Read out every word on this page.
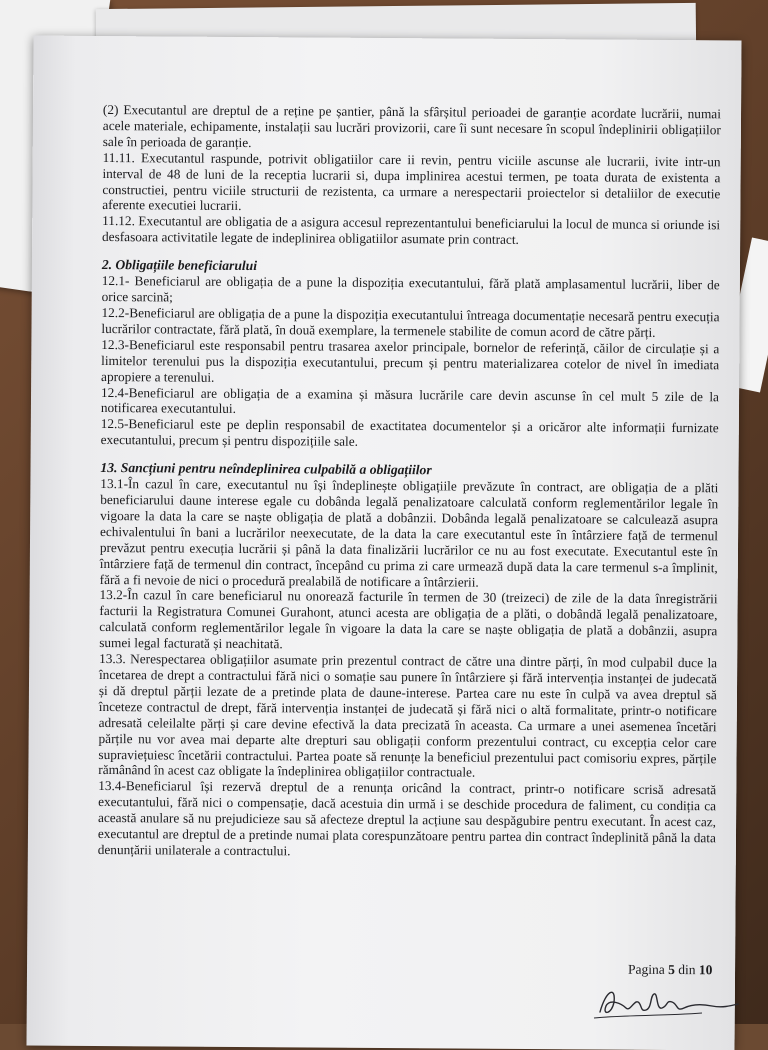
(2) Executantul are dreptul de a reține pe șantier, până la sfârșitul perioadei de garanție acordate lucrării, numai acele materiale, echipamente, instalații sau lucrări provizorii, care îi sunt necesare în scopul îndeplinirii obligațiilor sale în perioada de garanție.

11.11. Executantul raspunde, potrivit obligatiilor care ii revin, pentru viciile ascunse ale lucrarii, ivite intr-un interval de 48 de luni de la receptia lucrarii si, dupa implinirea acestui termen, pe toata durata de existenta a constructiei, pentru viciile structurii de rezistenta, ca urmare a nerespectarii proiectelor si detaliilor de executie aferente executiei lucrarii.

11.12. Executantul are obligatia de a asigura accesul reprezentantului beneficiarului la locul de munca si oriunde isi desfasoara activitatile legate de indeplinirea obligatiilor asumate prin contract.

2. Obligațiile beneficiarului

12.1- Beneficiarul are obligația de a pune la dispoziția executantului, fără plată amplasamentul lucrării, liber de orice sarcină;

12.2-Beneficiarul are obligația de a pune la dispoziția executantului întreaga documentație necesară pentru execuția lucrărilor contractate, fără plată, în două exemplare, la termenele stabilite de comun acord de către părți.

12.3-Beneficiarul este responsabil pentru trasarea axelor principale, bornelor de referință, căilor de circulație și a limitelor terenului pus la dispoziția executantului, precum și pentru materializarea cotelor de nivel în imediata apropiere a terenului.

12.4-Beneficiarul are obligația de a examina și măsura lucrările care devin ascunse în cel mult 5 zile de la notificarea executantului.

12.5-Beneficiarul este pe deplin responsabil de exactitatea documentelor și a oricăror alte informații furnizate executantului, precum și pentru dispozițiile sale.

13. Sancțiuni pentru neîndeplinirea culpabilă a obligațiilor

13.1-În cazul în care, executantul nu își îndeplinește obligațiile prevăzute în contract, are obligația de a plăti beneficiarului daune interese egale cu dobânda legală penalizatoare calculată conform reglementărilor legale în vigoare la data la care se naște obligația de plată a dobânzii. Dobânda legală penalizatoare se calculează asupra echivalentului în bani a lucrărilor neexecutate, de la data la care executantul este în întârziere față de termenul prevăzut pentru execuția lucrării și până la data finalizării lucrărilor ce nu au fost executate. Executantul este în întârziere față de termenul din contract, începând cu prima zi care urmează după data la care termenul s-a împlinit, fără a fi nevoie de nici o procedură prealabilă de notificare a întârzierii.

13.2-În cazul în care beneficiarul nu onorează facturile în termen de 30 (treizeci) de zile de la data înregistrării facturii la Registratura Comunei Gurahont, atunci acesta are obligația de a plăti, o dobândă legală penalizatoare, calculată conform reglementărilor legale în vigoare la data la care se naște obligația de plată a dobânzii, asupra sumei legal facturată și neachitată.

13.3. Nerespectarea obligațiilor asumate prin prezentul contract de către una dintre părți, în mod culpabil duce la încetarea de drept a contractului fără nici o somație sau punere în întârziere și fără intervenția instanței de judecată și dă dreptul părții lezate de a pretinde plata de daune-interese. Partea care nu este în culpă va avea dreptul să înceteze contractul de drept, fără intervenția instanței de judecată și fără nici o altă formalitate, printr-o notificare adresată celeilalte părți și care devine efectivă la data precizată în aceasta. Ca urmare a unei asemenea încetări părțile nu vor avea mai departe alte drepturi sau obligații conform prezentului contract, cu excepția celor care supraviețuiesc încetării contractului. Partea poate să renunțe la beneficiul prezentului pact comisoriu expres, părțile rămânând în acest caz obligate la îndeplinirea obligațiilor contractuale.

13.4-Beneficiarul își rezervă dreptul de a renunța oricând la contract, printr-o notificare scrisă adresată executantului, fără nici o compensație, dacă acestuia din urmă i se deschide procedura de faliment, cu condiția ca această anulare să nu prejudicieze sau să afecteze dreptul la acțiune sau despăgubire pentru executant. În acest caz, executantul are dreptul de a pretinde numai plata corespunzătoare pentru partea din contract îndeplinită până la data denunțării unilaterale a contractului.

Pagina 5 din 10
